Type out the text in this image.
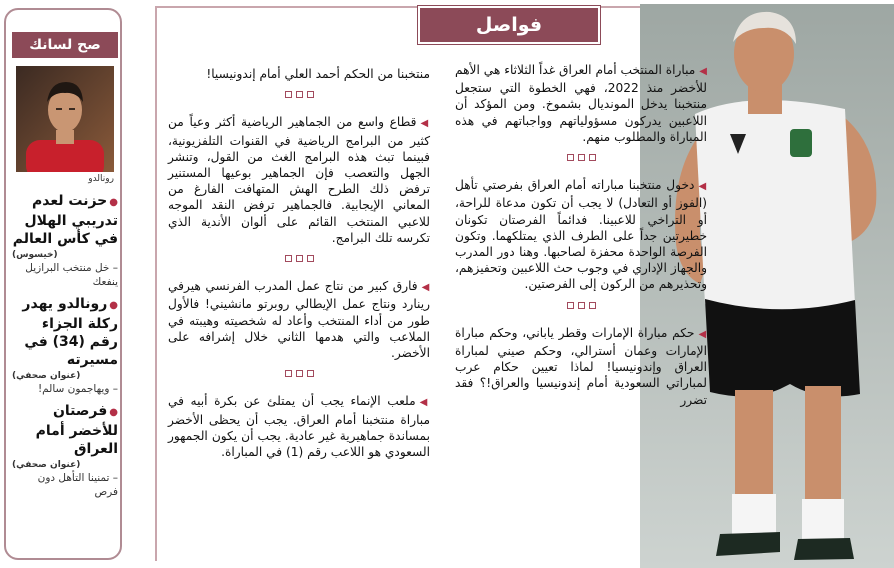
صح لسانك
رونالدو
●حزنت لعدم تدريبي الهلال في كأس العالم
(خيسوس)
– خل منتخب البرازيل ينفعك
●رونالدو يهدر ركلة الجزاء رقم (34) في مسيرته
(عنوان صحفي)
– ويهاجمون سالم!
●فرصتان للأخضر أمام العراق
(عنوان صحفي)
– تمنينا التأهل دون فرص
فواصل

◀مباراة المنتخب أمام العراق غداً الثلاثاء هي الأهم للأخضر منذ 2022، فهي الخطوة التي ستجعل منتخبنا يدخل المونديال بشموخ. ومن المؤكد أن اللاعبين يدركون مسؤولياتهم وواجباتهم في هذه المباراة والمطلوب منهم.

◀دخول منتخبنا مباراته أمام العراق بفرصتي تأهل (الفوز أو التعادل) لا يجب أن تكون مدعاة للراحة، أو التراخي للاعبينا. فدائماً الفرصتان تكونان خطيرتين جداً على الطرف الذي يمتلكهما. وتكون الفرصة الواحدة محفزة لصاحبها. وهنا دور المدرب والجهاز الإداري في وجوب حث اللاعبين وتحفيزهم، وتحذيرهم من الركون إلى الفرصتين.

◀حكم مباراة الإمارات وقطر ياباني، وحكم مباراة الإمارات وعمان أسترالي، وحكم صيني لمباراة العراق وإندونيسيا! لماذا تعيين حكام عرب لمباراتي السعودية أمام إندونيسيا والعراق!؟ فقد تضرر

منتخبنا من الحكم أحمد العلي أمام إندونيسيا!

◀قطاع واسع من الجماهير الرياضية أكثر وعياً من كثير من البرامج الرياضية في القنوات التلفزيونية، فبينما تبث هذه البرامج الغث من القول، وتنشر الجهل والتعصب فإن الجماهير بوعيها المستنير ترفض ذلك الطرح الهش المتهافت الفارغ من المعاني الإيجابية. فالجماهير ترفض النقد الموجه للاعبي المنتخب القائم على ألوان الأندية الذي تكرسه تلك البرامج.

◀فارق كبير من نتاج عمل المدرب الفرنسي هيرفي رينارد ونتاج عمل الإيطالي روبرتو مانشيني! فالأول طور من أداء المنتخب وأعاد له شخصيته وهيبته في الملاعب والتي هدمها الثاني خلال إشرافه على الأخضر.

◀ملعب الإنماء يجب أن يمتلئ عن بكرة أبيه في مباراة منتخبنا أمام العراق. يجب أن يحظى الأخضر بمساندة جماهيرية غير عادية. يجب أن يكون الجمهور السعودي هو اللاعب رقم (1) في المباراة.
